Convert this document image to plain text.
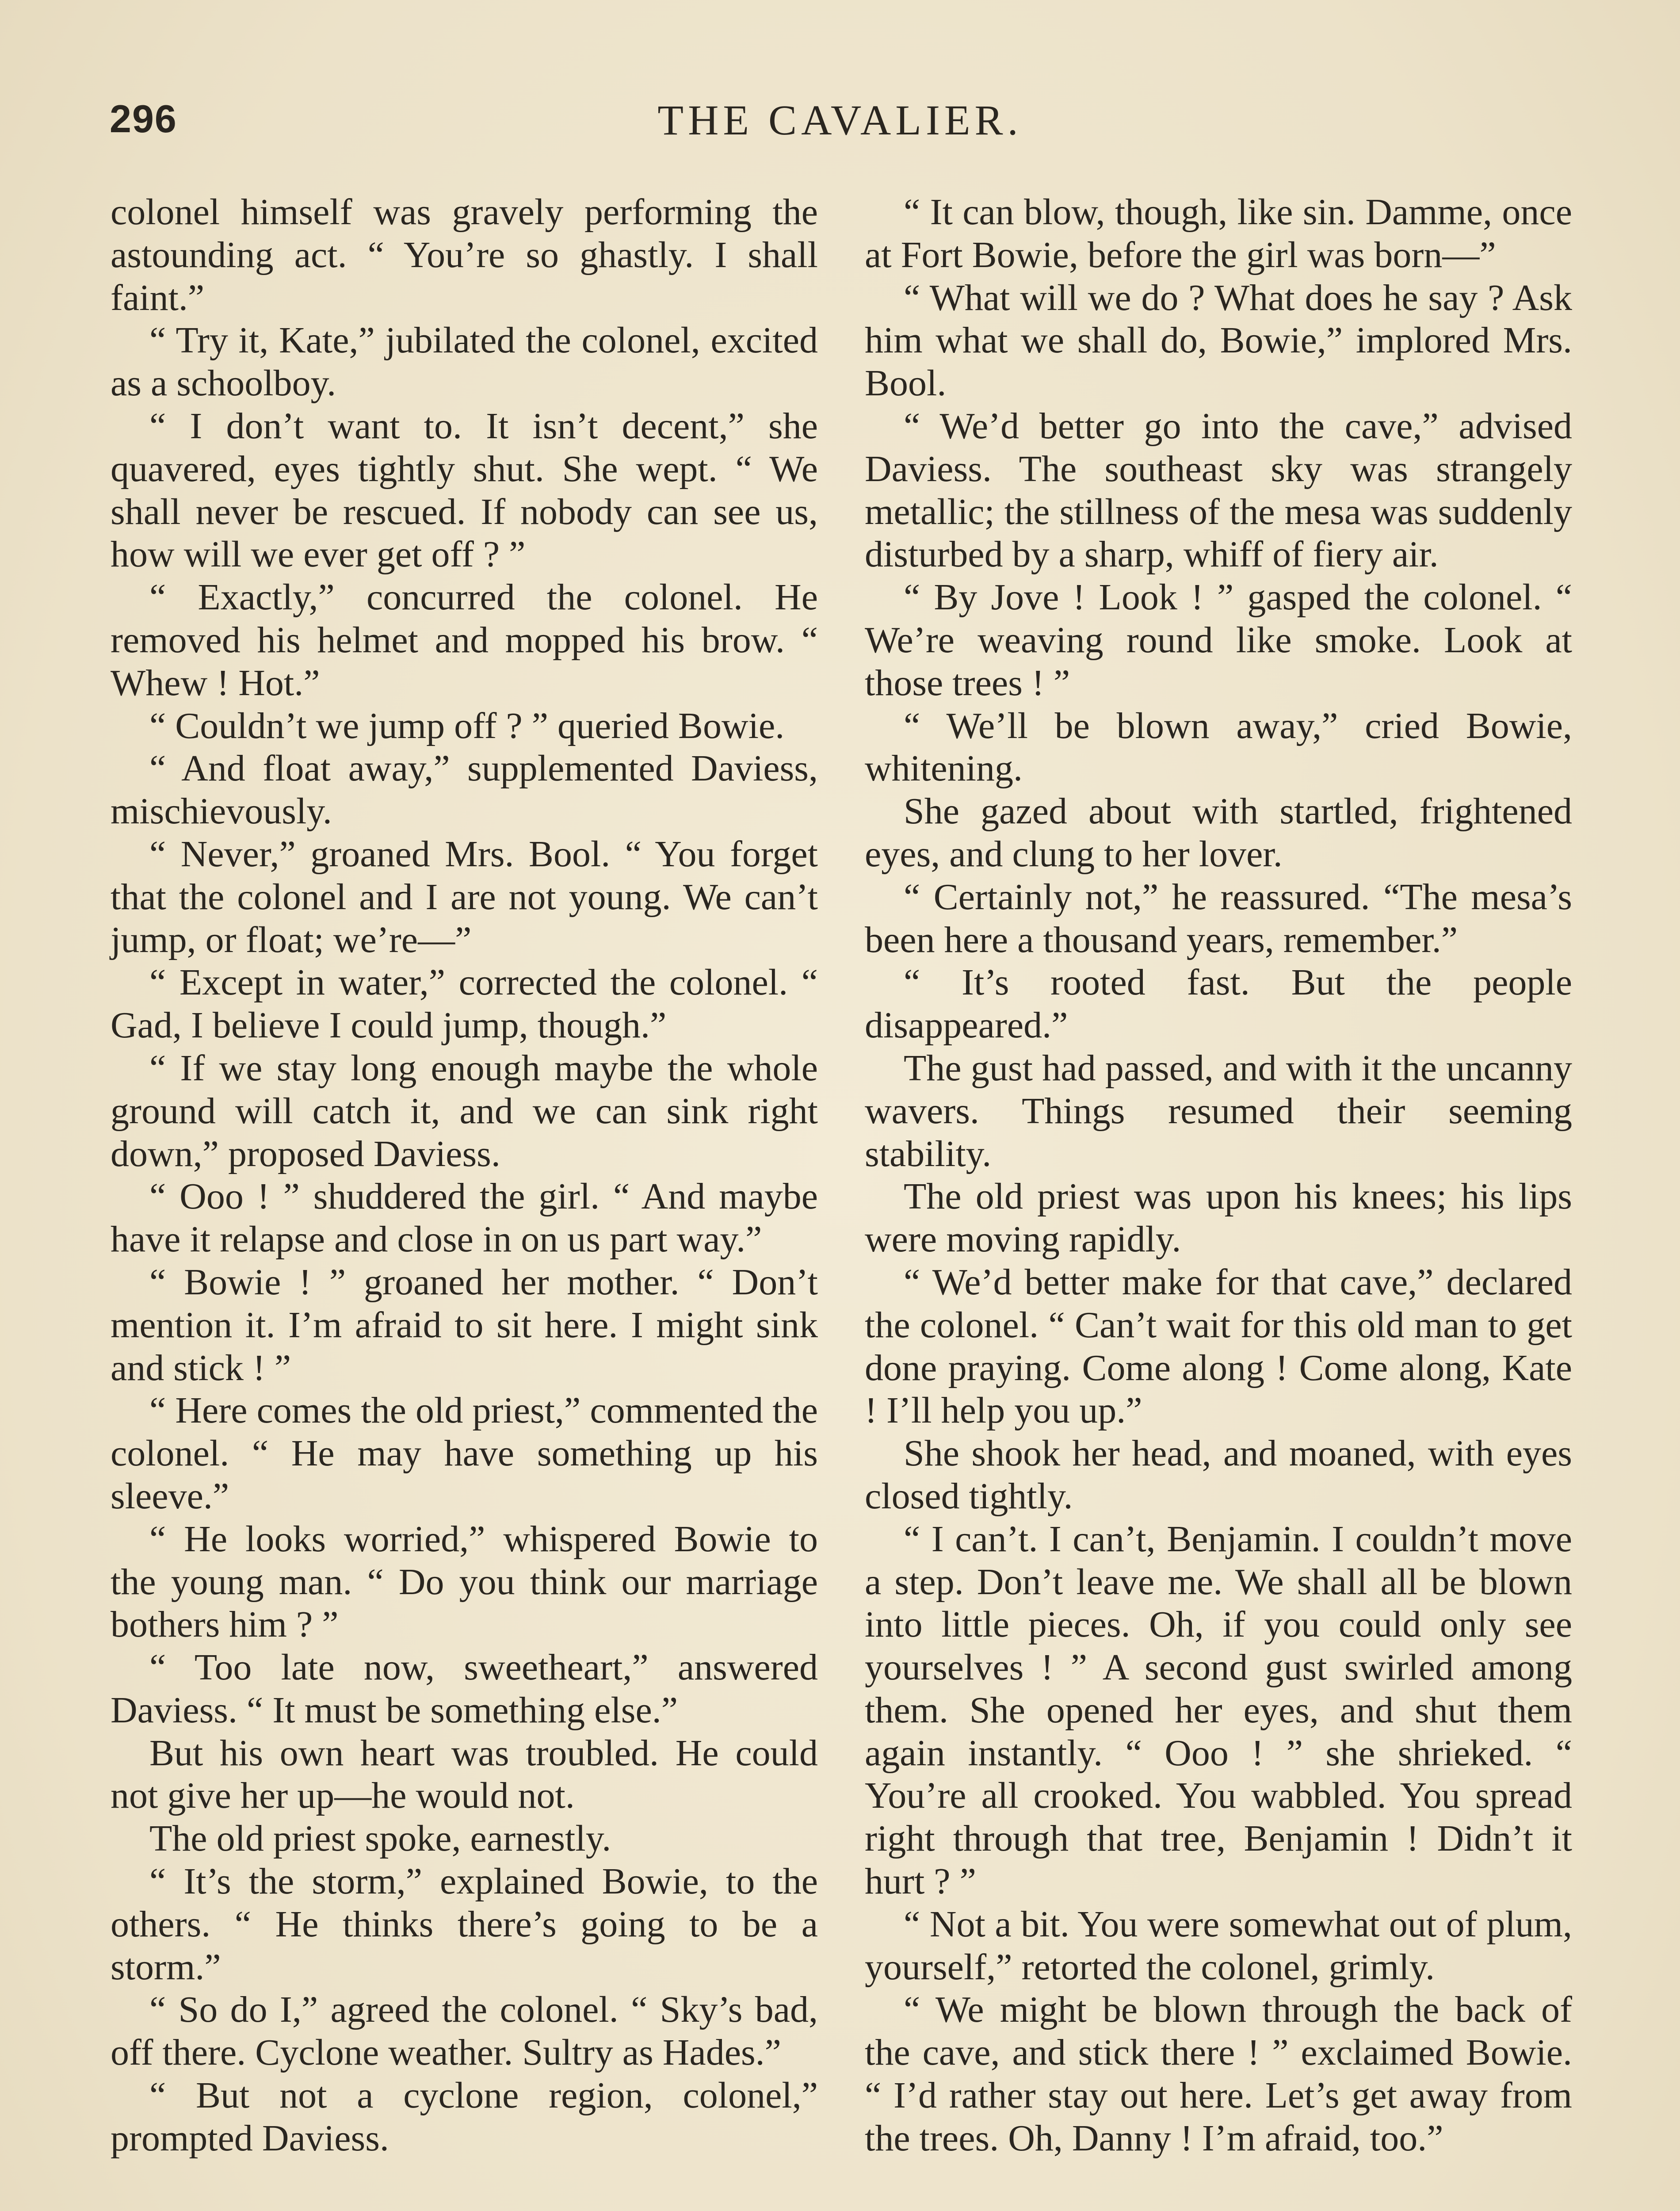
296	THE CAVALIER.

colonel himself was gravely performing the astounding act. “ You’re so ghastly. I shall faint.”

“ Try it, Kate,” jubilated the colonel, excited as a schoolboy.

“ I don’t want to. It isn’t decent,” she quavered, eyes tightly shut. She wept. “ We shall never be rescued. If nobody can see us, how will we ever get off ? ”

“ Exactly,” concurred the colonel. He removed his helmet and mopped his brow. “ Whew ! Hot.”

“ Couldn’t we jump off ? ” queried Bowie.

“ And float away,” supplemented Daviess, mischievously.

“ Never,” groaned Mrs. Bool. “ You forget that the colonel and I are not young. We can’t jump, or float; we’re—”

“ Except in water,” corrected the colonel. “ Gad, I believe I could jump, though.”

“ If we stay long enough maybe the whole ground will catch it, and we can sink right down,” proposed Daviess.

“ Ooo ! ” shuddered the girl. “ And maybe have it relapse and close in on us part way.”

“ Bowie ! ” groaned her mother. “ Don’t mention it. I’m afraid to sit here. I might sink and stick ! ”

“ Here comes the old priest,” commented the colonel. “ He may have something up his sleeve.”

“ He looks worried,” whispered Bowie to the young man. “ Do you think our marriage bothers him ? ”

“ Too late now, sweetheart,” answered Daviess. “ It must be something else.”

But his own heart was troubled. He could not give her up—he would not.

The old priest spoke, earnestly.

“ It’s the storm,” explained Bowie, to the others. “ He thinks there’s going to be a storm.”

“ So do I,” agreed the colonel. “ Sky’s bad, off there. Cyclone weather. Sultry as Hades.”

“ But not a cyclone region, colonel,” prompted Daviess.

“ It can blow, though, like sin. Damme, once at Fort Bowie, before the girl was born—”

“ What will we do ? What does he say ? Ask him what we shall do, Bowie,” implored Mrs. Bool.

“ We’d better go into the cave,” advised Daviess. The southeast sky was strangely metallic; the stillness of the mesa was suddenly disturbed by a sharp, whiff of fiery air.

“ By Jove ! Look ! ” gasped the colonel. “ We’re weaving round like smoke. Look at those trees ! ”

“ We’ll be blown away,” cried Bowie, whitening.

She gazed about with startled, frightened eyes, and clung to her lover.

“ Certainly not,” he reassured. “The mesa’s been here a thousand years, remember.”

“ It’s rooted fast. But the people disappeared.”

The gust had passed, and with it the uncanny wavers. Things resumed their seeming stability.

The old priest was upon his knees; his lips were moving rapidly.

“ We’d better make for that cave,” declared the colonel. “ Can’t wait for this old man to get done praying. Come along ! Come along, Kate ! I’ll help you up.”

She shook her head, and moaned, with eyes closed tightly.

“ I can’t. I can’t, Benjamin. I couldn’t move a step. Don’t leave me. We shall all be blown into little pieces. Oh, if you could only see yourselves ! ” A second gust swirled among them. She opened her eyes, and shut them again instantly. “ Ooo ! ” she shrieked. “ You’re all crooked. You wabbled. You spread right through that tree, Benjamin ! Didn’t it hurt ? ”

“ Not a bit. You were somewhat out of plum, yourself,” retorted the colonel, grimly.

“ We might be blown through the back of the cave, and stick there ! ” exclaimed Bowie. “ I’d rather stay out here. Let’s get away from the trees. Oh, Danny ! I’m afraid, too.”
